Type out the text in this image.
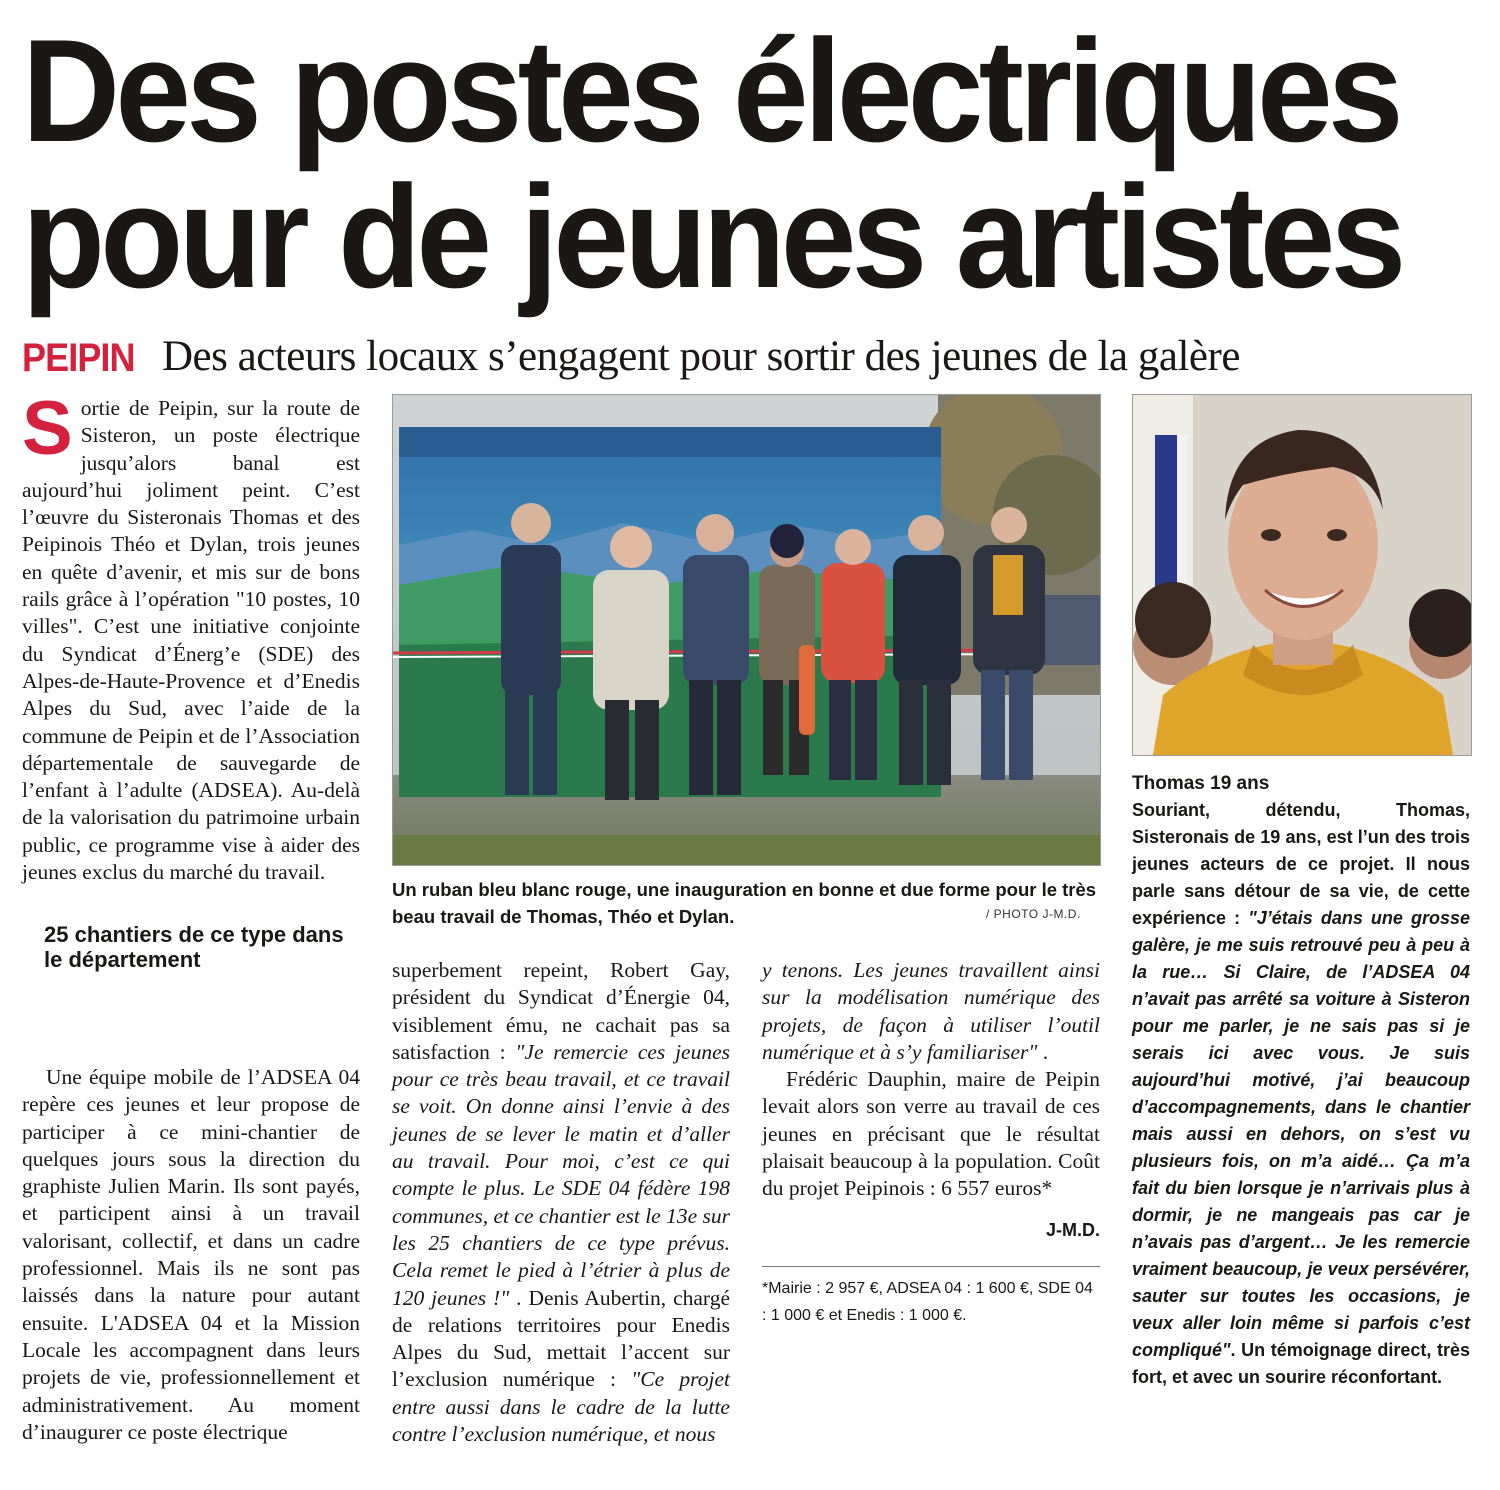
Des postes électriques
pour de jeunes artistes
PEIPIN Des acteurs locaux s’engagent pour sortir des jeunes de la galère

Sortie de Peipin, sur la route de Sisteron, un poste électrique jusqu’alors banal est aujourd’hui joliment peint. C’est l’œuvre du Sisteronais Thomas et des Peipinois Théo et Dylan, trois jeunes en quête d’avenir, et mis sur de bons rails grâce à l’opération "10 postes, 10 villes". C’est une initiative conjointe du Syndicat d’Énerg’e (SDE) des Alpes-de-Haute-Provence et d’Enedis Alpes du Sud, avec l’aide de la commune de Peipin et de l’Association départementale de sauvegarde de l’enfant à l’adulte (ADSEA). Au-delà de la valorisation du patrimoine urbain public, ce programme vise à aider des jeunes exclus du marché du travail.

25 chantiers de ce type dans le département

Une équipe mobile de l’ADSEA 04 repère ces jeunes et leur propose de participer à ce mini-chantier de quelques jours sous la direction du graphiste Julien Marin. Ils sont payés, et participent ainsi à un travail valorisant, collectif, et dans un cadre professionnel. Mais ils ne sont pas laissés dans la nature pour autant ensuite. L'ADSEA 04 et la Mission Locale les accompagnent dans leurs projets de vie, professionnellement et administrativement. Au moment d’inaugurer ce poste électrique

superbement repeint, Robert Gay, président du Syndicat d’Énergie 04, visiblement ému, ne cachait pas sa satisfaction : "Je remercie ces jeunes pour ce très beau travail, et ce travail se voit. On donne ainsi l’envie à des jeunes de se lever le matin et d’aller au travail. Pour moi, c’est ce qui compte le plus. Le SDE 04 fédère 198 communes, et ce chantier est le 13e sur les 25 chantiers de ce type prévus. Cela remet le pied à l’étrier à plus de 120 jeunes !" . Denis Aubertin, chargé de relations territoires pour Enedis Alpes du Sud, mettait l’accent sur l’exclusion numérique : "Ce projet entre aussi dans le cadre de la lutte contre l’exclusion numérique, et nous

y tenons. Les jeunes travaillent ainsi sur la modélisation numérique des projets, de façon à utiliser l’outil numérique et à s’y familiariser" .

Frédéric Dauphin, maire de Peipin levait alors son verre au travail de ces jeunes en précisant que le résultat plaisait beaucoup à la population. Coût du projet Peipinois : 6 557 euros*

J-M.D.
*Mairie : 2 957 €, ADSEA 04 : 1 600 €, SDE 04 : 1 000 € et Enedis : 1 000 €.
Un ruban bleu blanc rouge, une inauguration en bonne et due forme pour le très beau travail de Thomas, Théo et Dylan.	/ PHOTO J-M.D.
Thomas 19 ans
Souriant, détendu, Thomas, Sisteronais de 19 ans, est l’un des trois jeunes acteurs de ce projet. Il nous parle sans détour de sa vie, de cette expérience : "J’étais dans une grosse galère, je me suis retrouvé peu à peu à la rue… Si Claire, de l’ADSEA 04 n’avait pas arrêté sa voiture à Sisteron pour me parler, je ne sais pas si je serais ici avec vous. Je suis aujourd’hui motivé, j’ai beaucoup d’accompagnements, dans le chantier mais aussi en dehors, on s’est vu plusieurs fois, on m’a aidé… Ça m’a fait du bien lorsque je n’arrivais plus à dormir, je ne mangeais pas car je n’avais pas d’argent… Je les remercie vraiment beaucoup, je veux persévérer, sauter sur toutes les occasions, je veux aller loin même si parfois c’est compliqué". Un témoignage direct, très fort, et avec un sourire réconfortant.
